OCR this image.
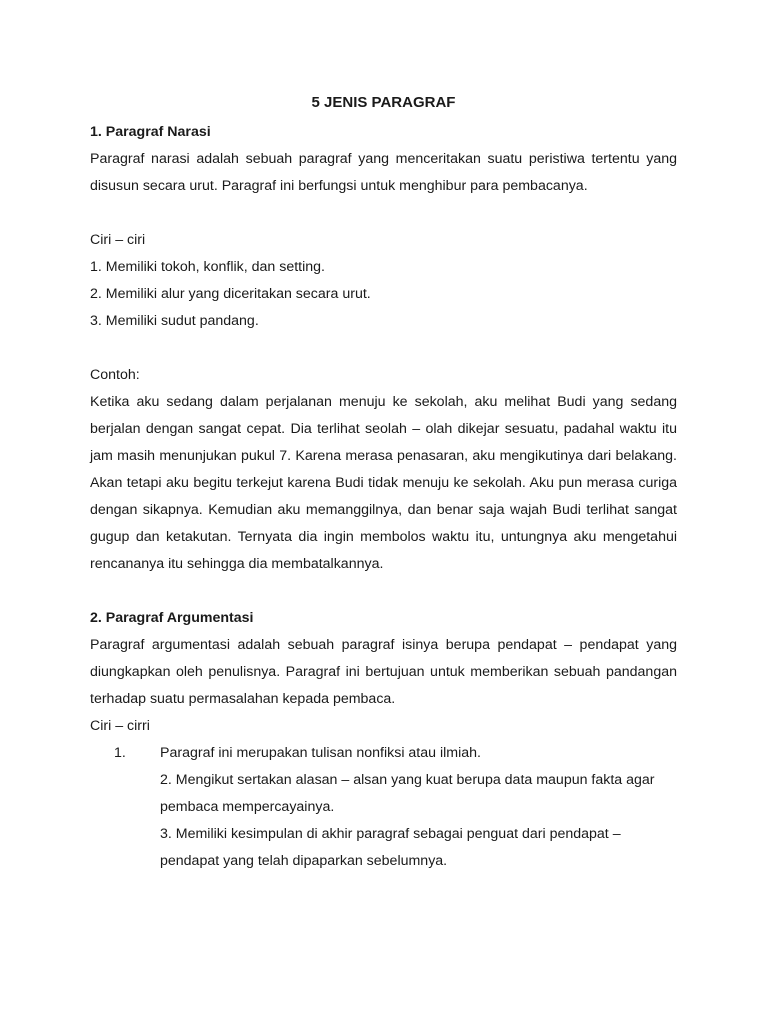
5 JENIS PARAGRAF

1. Paragraf Narasi

Paragraf narasi adalah sebuah paragraf yang menceritakan suatu peristiwa tertentu yang disusun secara urut. Paragraf ini berfungsi untuk menghibur para pembacanya.

Ciri – ciri

1. Memiliki tokoh, konflik, dan setting.

2. Memiliki alur yang diceritakan secara urut.

3. Memiliki sudut pandang.

Contoh:

Ketika aku sedang dalam perjalanan menuju ke sekolah, aku melihat Budi yang sedang berjalan dengan sangat cepat. Dia terlihat seolah – olah dikejar sesuatu, padahal waktu itu jam masih menunjukan pukul 7. Karena merasa penasaran, aku mengikutinya dari belakang. Akan tetapi aku begitu terkejut karena Budi tidak menuju ke sekolah. Aku pun merasa curiga dengan sikapnya. Kemudian aku memanggilnya, dan benar saja wajah Budi terlihat sangat gugup dan ketakutan. Ternyata dia ingin membolos waktu itu, untungnya aku mengetahui rencananya itu sehingga dia membatalkannya.

2. Paragraf Argumentasi

Paragraf argumentasi adalah sebuah paragraf isinya berupa pendapat – pendapat yang diungkapkan oleh penulisnya. Paragraf ini bertujuan untuk memberikan sebuah pandangan terhadap suatu permasalahan kepada pembaca.

Ciri – cirri

1.	Paragraf ini merupakan tulisan nonfiksi atau ilmiah.

2. Mengikut sertakan alasan – alsan yang kuat berupa data maupun fakta agar pembaca mempercayainya.

3. Memiliki kesimpulan di akhir paragraf sebagai penguat dari pendapat – pendapat yang telah dipaparkan sebelumnya.
